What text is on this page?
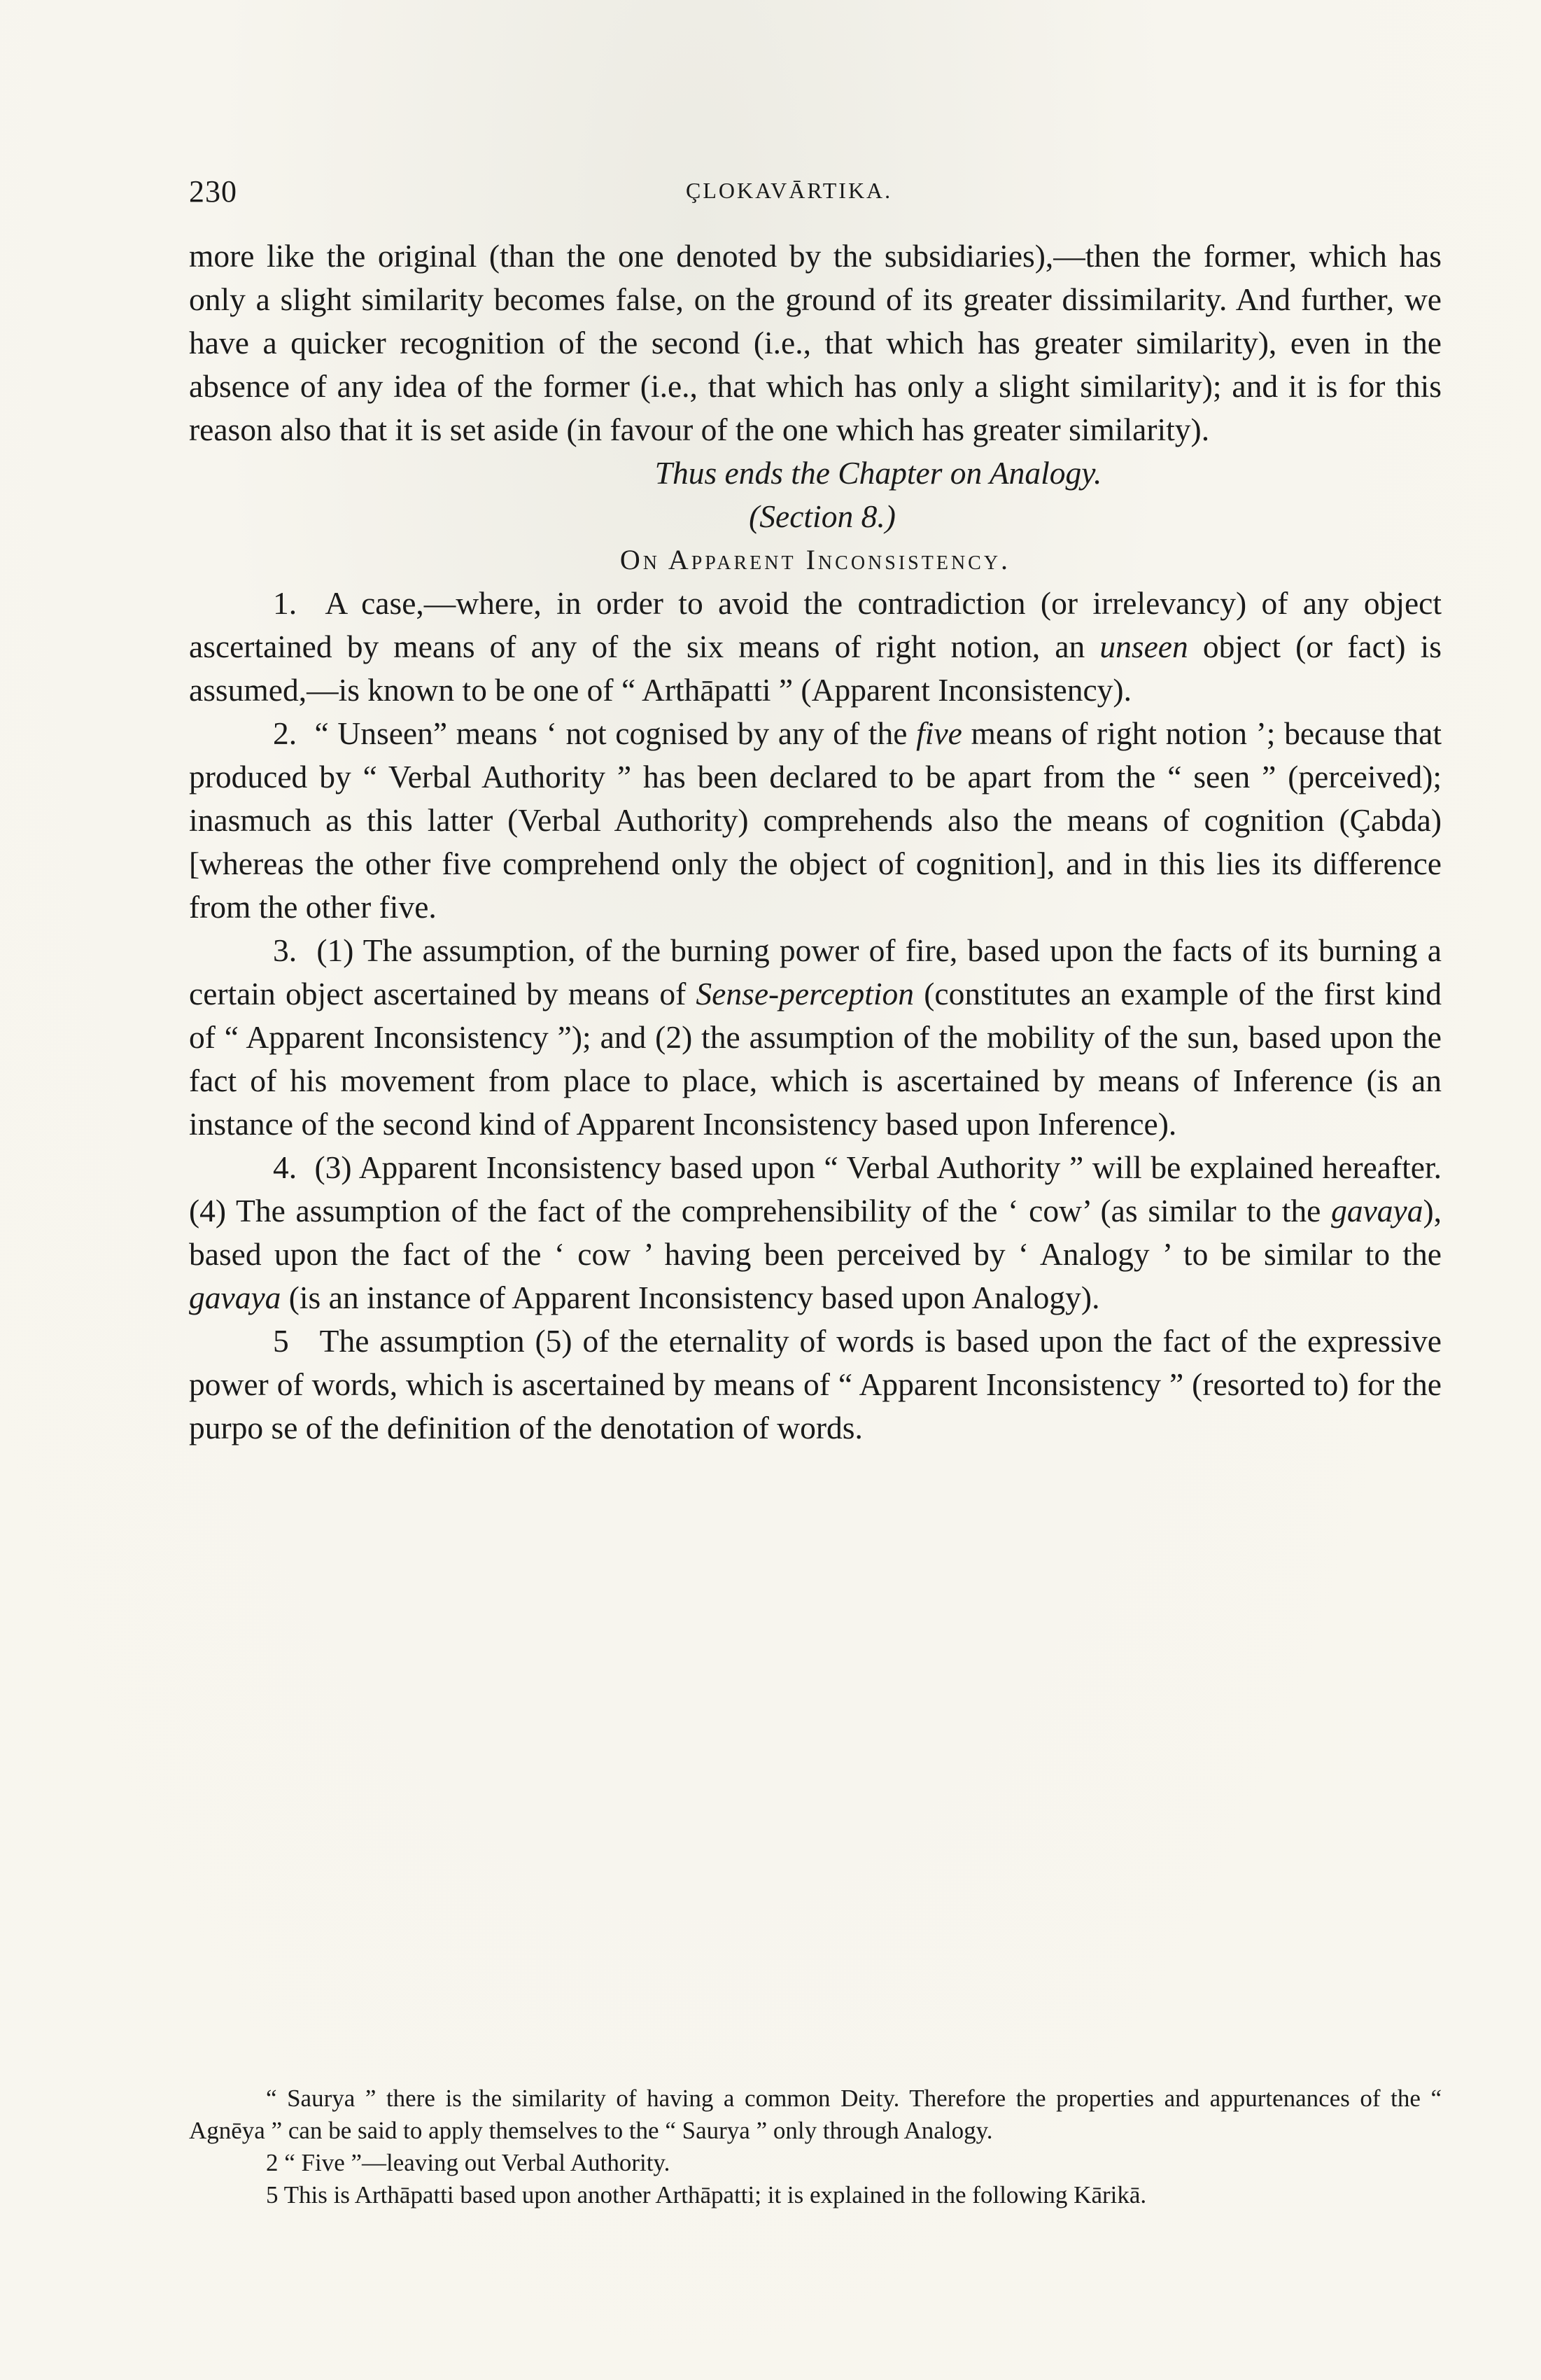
230	ÇLOKAVĀRTIKA.

more like the original (than the one denoted by the subsidiaries),—then the former, which has only a slight similarity becomes false, on the ground of its greater dissimilarity. And further, we have a quicker recognition of the second (i.e., that which has greater similarity), even in the absence of any idea of the former (i.e., that which has only a slight similarity); and it is for this reason also that it is set aside (in favour of the one which has greater similarity).

Thus ends the Chapter on Analogy.

(Section 8.)

On Apparent Inconsistency.

1. A case,—where, in order to avoid the contradiction (or irrelevancy) of any object ascertained by means of any of the six means of right notion, an unseen object (or fact) is assumed,—is known to be one of “ Arthāpatti ” (Apparent Inconsistency).

2. “ Unseen” means ‘ not cognised by any of the five means of right notion ’; because that produced by “ Verbal Authority ” has been declared to be apart from the “ seen ” (perceived); inasmuch as this latter (Verbal Authority) comprehends also the means of cognition (Çabda) [whereas the other five comprehend only the object of cognition], and in this lies its difference from the other five.

3. (1) The assumption, of the burning power of fire, based upon the facts of its burning a certain object ascertained by means of Sense-perception (constitutes an example of the first kind of “ Apparent Inconsistency ”); and (2) the assumption of the mobility of the sun, based upon the fact of his movement from place to place, which is ascertained by means of Inference (is an instance of the second kind of Apparent Inconsistency based upon Inference).

4. (3) Apparent Inconsistency based upon “ Verbal Authority ” will be explained hereafter. (4) The assumption of the fact of the comprehensibility of the ‘ cow’ (as similar to the gavaya), based upon the fact of the ‘ cow ’ having been perceived by ‘ Analogy ’ to be similar to the gavaya (is an instance of Apparent Inconsistency based upon Analogy).

5 The assumption (5) of the eternality of words is based upon the fact of the expressive power of words, which is ascertained by means of “ Apparent Inconsistency ” (resorted to) for the purpo se of the definition of the denotation of words.

“ Saurya ” there is the similarity of having a common Deity. Therefore the properties and appurtenances of the “ Agnēya ” can be said to apply themselves to the “ Saurya ” only through Analogy.

2 “ Five ”—leaving out Verbal Authority.

5 This is Arthāpatti based upon another Arthāpatti; it is explained in the following Kārikā.
